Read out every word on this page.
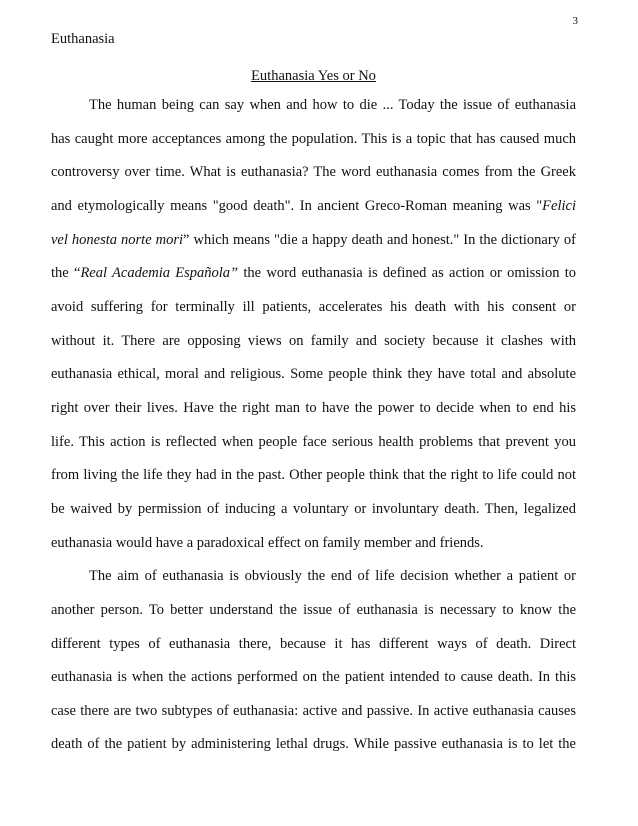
3
Euthanasia
Euthanasia Yes or No
The human being can say when and how to die ... Today the issue of euthanasia
has caught more acceptances among the population. This is a topic that has caused much
controversy over time. What is euthanasia? The word euthanasia comes from the Greek
and etymologically means "good death". In ancient Greco-Roman meaning was "Felici
vel honesta norte mori” which means "die a happy death and honest." In the dictionary of
the “Real Academia Española” the word euthanasia is defined as action or omission to
avoid suffering for terminally ill patients, accelerates his death with his consent or
without it. There are opposing views on family and society because it clashes with
euthanasia ethical, moral and religious. Some people think they have total and absolute
right over their lives. Have the right man to have the power to decide when to end his
life. This action is reflected when people face serious health problems that prevent you
from living the life they had in the past. Other people think that the right to life could not
be waived by permission of inducing a voluntary or involuntary death. Then, legalized
euthanasia would have a paradoxical effect on family member and friends.
The aim of euthanasia is obviously the end of life decision whether a patient or
another person. To better understand the issue of euthanasia is necessary to know the
different types of euthanasia there, because it has different ways of death. Direct
euthanasia is when the actions performed on the patient intended to cause death. In this
case there are two subtypes of euthanasia: active and passive. In active euthanasia causes
death of the patient by administering lethal drugs. While passive euthanasia is to let the
